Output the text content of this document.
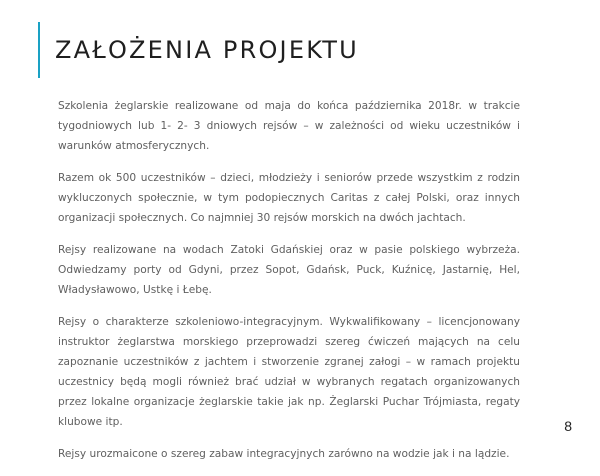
ZAŁOŻENIA PROJEKTU

Szkolenia żeglarskie realizowane od maja do końca października 2018r. w trakcie tygodniowych lub 1- 2- 3 dniowych rejsów – w zależności od wieku uczestników i warunków atmosferycznych.

Razem ok 500 uczestników – dzieci, młodzieży i seniorów przede wszystkim z rodzin wykluczonych społecznie, w tym podopiecznych Caritas z całej Polski, oraz innych organizacji społecznych. Co najmniej 30 rejsów morskich na dwóch jachtach.

Rejsy realizowane na wodach Zatoki Gdańskiej oraz w pasie polskiego wybrzeża. Odwiedzamy porty od Gdyni, przez Sopot, Gdańsk, Puck, Kuźnicę, Jastarnię, Hel, Władysławowo, Ustkę i Łebę.

Rejsy o charakterze szkoleniowo-integracyjnym. Wykwalifikowany – licencjonowany instruktor żeglarstwa morskiego przeprowadzi szereg ćwiczeń mających na celu zapoznanie uczestników z jachtem i stworzenie zgranej załogi – w ramach projektu uczestnicy będą mogli również brać udział w wybranych regatach organizowanych przez lokalne organizacje żeglarskie takie jak np. Żeglarski Puchar Trójmiasta, regaty klubowe itp.

Rejsy urozmaicone o szereg zabaw integracyjnych zarówno na wodzie jak i na lądzie.

8
